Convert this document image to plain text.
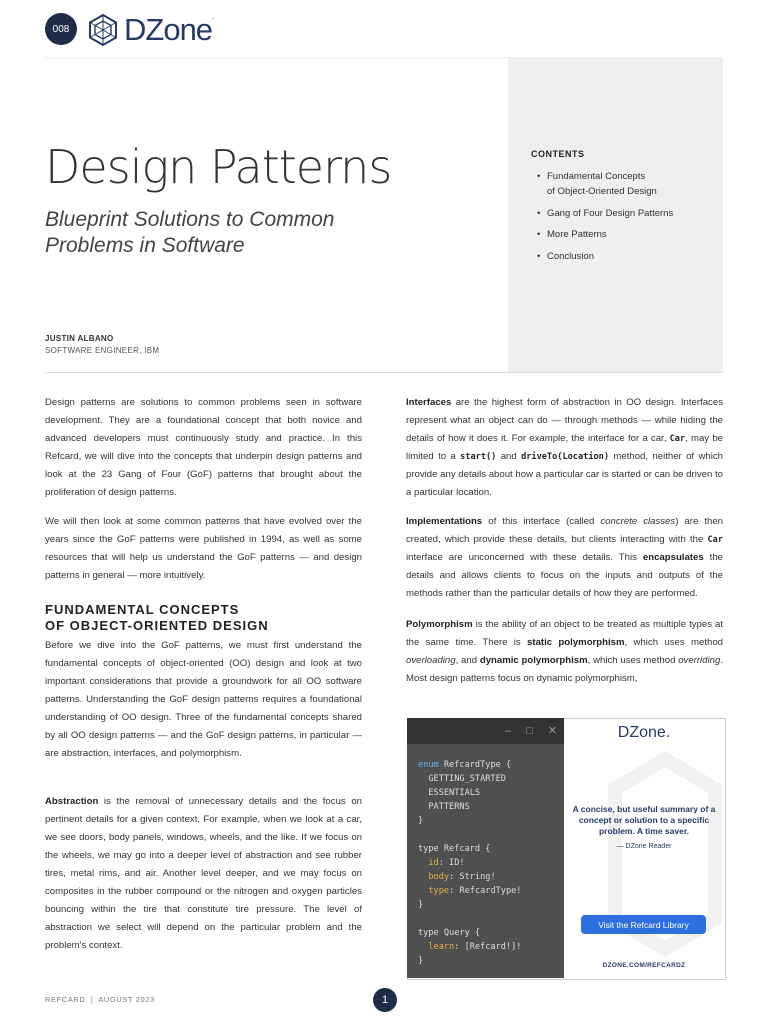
008 DZone.
Design Patterns
Blueprint Solutions to Common Problems in Software
JUSTIN ALBANO
SOFTWARE ENGINEER, IBM
CONTENTS
• Fundamental Concepts
of Object-Oriented Design
• Gang of Four Design Patterns
• More Patterns
• Conclusion

Design patterns are solutions to common problems seen in software development. They are a foundational concept that both novice and advanced developers must continuously study and practice. In this Refcard, we will dive into the concepts that underpin design patterns and look at the 23 Gang of Four (GoF) patterns that brought about the proliferation of design patterns.

We will then look at some common patterns that have evolved over the years since the GoF patterns were published in 1994, as well as some resources that will help us understand the GoF patterns — and design patterns in general — more intuitively.

FUNDAMENTAL CONCEPTS
OF OBJECT-ORIENTED DESIGN

Before we dive into the GoF patterns, we must first understand the fundamental concepts of object-oriented (OO) design and look at two important considerations that provide a groundwork for all OO software patterns. Understanding the GoF design patterns requires a foundational understanding of OO design. Three of the fundamental concepts shared by all OO design patterns — and the GoF design patterns, in particular — are abstraction, interfaces, and polymorphism.

Abstraction is the removal of unnecessary details and the focus on pertinent details for a given context. For example, when we look at a car, we see doors, body panels, windows, wheels, and the like. If we focus on the wheels, we may go into a deeper level of abstraction and see rubber tires, metal rims, and air. Another level deeper, and we may focus on composites in the rubber compound or the nitrogen and oxygen particles bouncing within the tire that constitute tire pressure. The level of abstraction we select will depend on the particular problem and the problem's context.

Interfaces are the highest form of abstraction in OO design. Interfaces represent what an object can do — through methods — while hiding the details of how it does it. For example, the interface for a car, Car, may be limited to a start() and driveTo(Location) method, neither of which provide any details about how a particular car is started or can be driven to a particular location.

Implementations of this interface (called concrete classes) are then created, which provide these details, but clients interacting with the Car interface are unconcerned with these details. This encapsulates the details and allows clients to focus on the inputs and outputs of the methods rather than the particular details of how they are performed.

Polymorphism is the ability of an object to be treated as multiple types at the same time. There is static polymorphism, which uses method overloading, and dynamic polymorphism, which uses method overriding. Most design patterns focus on dynamic polymorphism,

– □ ✕
enum RefcardType {
GETTING_STARTED
ESSENTIALS
PATTERNS
}

type Refcard {
id: ID!
body: String!
type: RefcardType!
}

type Query {
learn: [Refcard!]!
}
DZone.
A concise, but useful summary of a concept or solution to a specific problem. A time saver.
— DZone Reader
Visit the Refcard Library
DZONE.COM/REFCARDZ
REFCARD  |  AUGUST 2023	1
